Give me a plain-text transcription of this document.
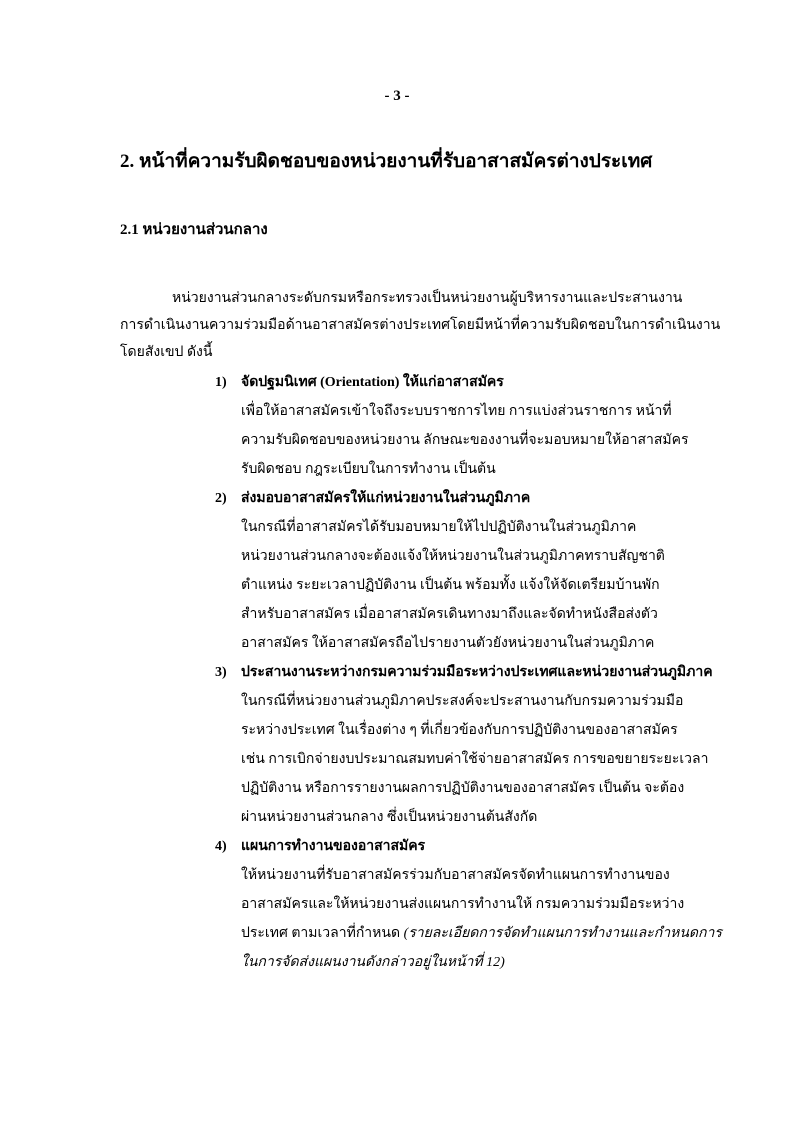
- 3 -
2. หน้าที่ความรับผิดชอบของหน่วยงานที่รับอาสาสมัครต่างประเทศ
2.1 หน่วยงานส่วนกลาง
หน่วยงานส่วนกลางระดับกรมหรือกระทรวงเป็นหน่วยงานผู้บริหารงานและประสานงาน
การดำเนินงานความร่วมมือด้านอาสาสมัครต่างประเทศโดยมีหน้าที่ความรับผิดชอบในการดำเนินงาน
โดยสังเขป ดังนี้
1) จัดปฐมนิเทศ (Orientation) ให้แก่อาสาสมัคร
เพื่อให้อาสาสมัครเข้าใจถึงระบบราชการไทย การแบ่งส่วนราชการ หน้าที่
ความรับผิดชอบของหน่วยงาน ลักษณะของงานที่จะมอบหมายให้อาสาสมัคร
รับผิดชอบ กฎระเบียบในการทำงาน เป็นต้น
2) ส่งมอบอาสาสมัครให้แก่หน่วยงานในส่วนภูมิภาค
ในกรณีที่อาสาสมัครได้รับมอบหมายให้ไปปฏิบัติงานในส่วนภูมิภาค
หน่วยงานส่วนกลางจะต้องแจ้งให้หน่วยงานในส่วนภูมิภาคทราบสัญชาติ
ตำแหน่ง ระยะเวลาปฏิบัติงาน เป็นต้น พร้อมทั้ง แจ้งให้จัดเตรียมบ้านพัก
สำหรับอาสาสมัคร เมื่ออาสาสมัครเดินทางมาถึงและจัดทำหนังสือส่งตัว
อาสาสมัคร ให้อาสาสมัครถือไปรายงานตัวยังหน่วยงานในส่วนภูมิภาค
3) ประสานงานระหว่างกรมความร่วมมือระหว่างประเทศและหน่วยงานส่วนภูมิภาค
ในกรณีที่หน่วยงานส่วนภูมิภาคประสงค์จะประสานงานกับกรมความร่วมมือ
ระหว่างประเทศ ในเรื่องต่าง ๆ ที่เกี่ยวข้องกับการปฏิบัติงานของอาสาสมัคร
เช่น การเบิกจ่ายงบประมาณสมทบค่าใช้จ่ายอาสาสมัคร การขอขยายระยะเวลา
ปฏิบัติงาน หรือการรายงานผลการปฏิบัติงานของอาสาสมัคร เป็นต้น จะต้อง
ผ่านหน่วยงานส่วนกลาง ซึ่งเป็นหน่วยงานต้นสังกัด
4) แผนการทำงานของอาสาสมัคร
ให้หน่วยงานที่รับอาสาสมัครร่วมกับอาสาสมัครจัดทำแผนการทำงานของ
อาสาสมัครและให้หน่วยงานส่งแผนการทำงานให้ กรมความร่วมมือระหว่าง
ประเทศ ตามเวลาที่กำหนด (รายละเอียดการจัดทำแผนการทำงานและกำหนดการ
ในการจัดส่งแผนงานดังกล่าวอยู่ในหน้าที่ 12)
